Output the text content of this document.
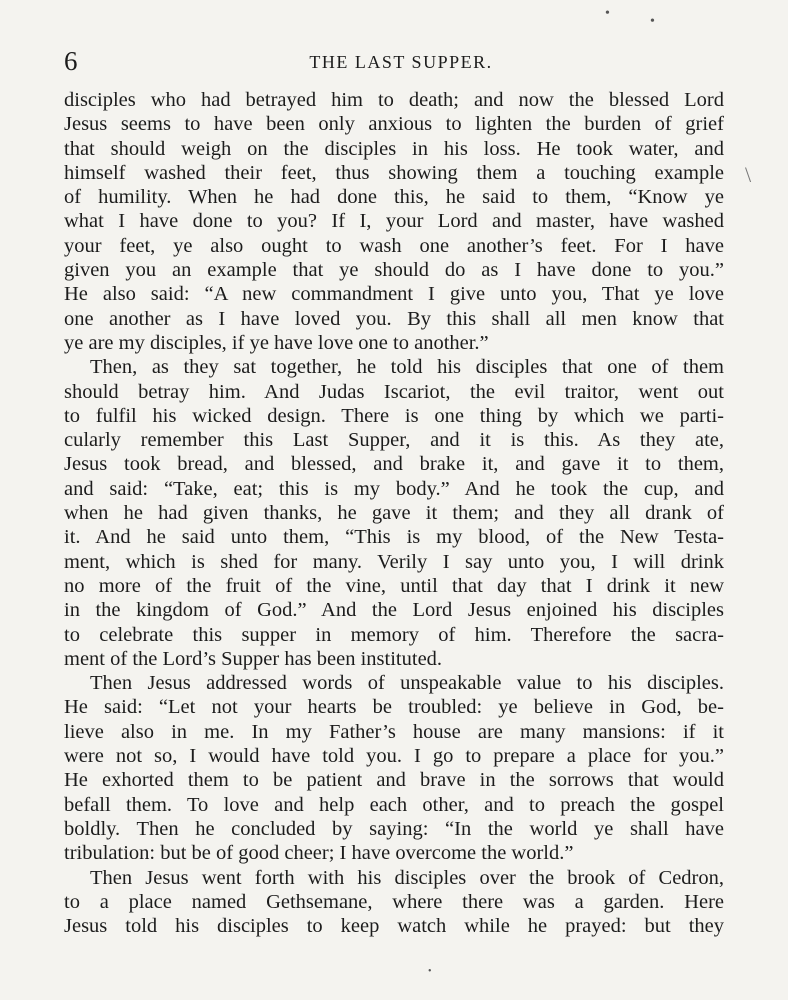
6	THE LAST SUPPER.
disciples who had betrayed him to death; and now the blessed Lord
Jesus seems to have been only anxious to lighten the burden of grief
that should weigh on the disciples in his loss. He took water, and
himself washed their feet, thus showing them a touching example
of humility. When he had done this, he said to them, “Know ye
what I have done to you? If I, your Lord and master, have washed
your feet, ye also ought to wash one another’s feet. For I have
given you an example that ye should do as I have done to you.”
He also said: “A new commandment I give unto you, That ye love
one another as I have loved you. By this shall all men know that
ye are my disciples, if ye have love one to another.”
Then, as they sat together, he told his disciples that one of them
should betray him. And Judas Iscariot, the evil traitor, went out
to fulfil his wicked design. There is one thing by which we parti-
cularly remember this Last Supper, and it is this. As they ate,
Jesus took bread, and blessed, and brake it, and gave it to them,
and said: “Take, eat; this is my body.” And he took the cup, and
when he had given thanks, he gave it them; and they all drank of
it. And he said unto them, “This is my blood, of the New Testa-
ment, which is shed for many. Verily I say unto you, I will drink
no more of the fruit of the vine, until that day that I drink it new
in the kingdom of God.” And the Lord Jesus enjoined his disciples
to celebrate this supper in memory of him. Therefore the sacra-
ment of the Lord’s Supper has been instituted.
Then Jesus addressed words of unspeakable value to his disciples.
He said: “Let not your hearts be troubled: ye believe in God, be-
lieve also in me. In my Father’s house are many mansions: if it
were not so, I would have told you. I go to prepare a place for you.”
He exhorted them to be patient and brave in the sorrows that would
befall them. To love and help each other, and to preach the gospel
boldly. Then he concluded by saying: “In the world ye shall have
tribulation: but be of good cheer; I have overcome the world.”
Then Jesus went forth with his disciples over the brook of Cedron,
to a place named Gethsemane, where there was a garden. Here
Jesus told his disciples to keep watch while he prayed: but they
•
•
\
•
